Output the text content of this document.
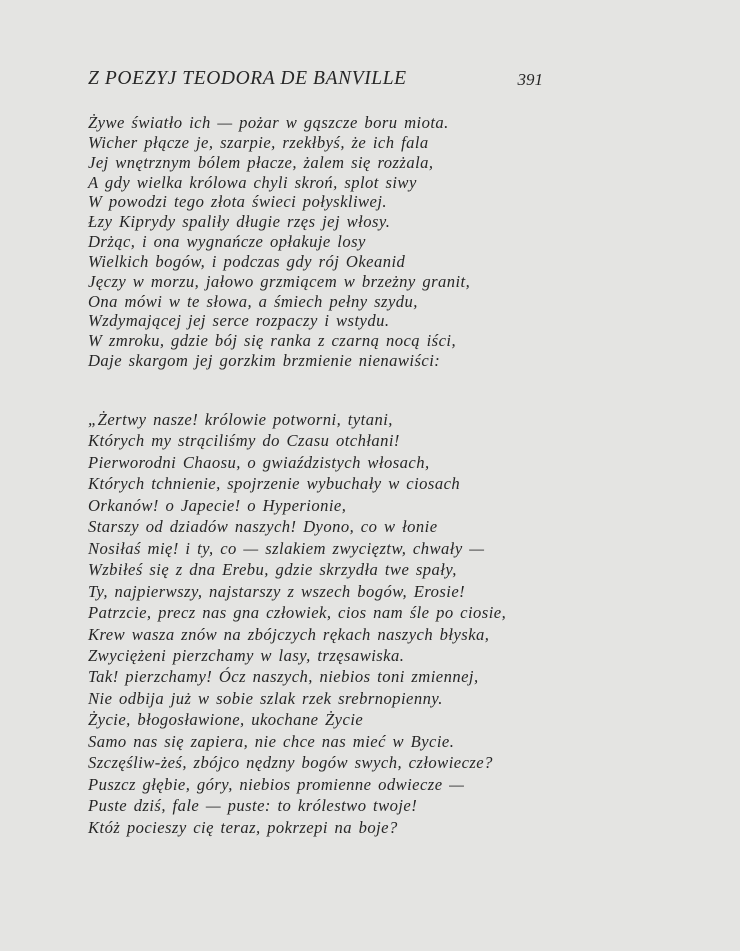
Z POEZYJ TEODORA DE BANVILLE	391
Żywe światło ich — pożar w gąszcze boru miota.
Wicher płącze je, szarpie, rzekłbyś, że ich fala
Jej wnętrznym bólem płacze, żalem się rozżala,
A gdy wielka królowa chyli skroń, splot siwy
W powodzi tego złota świeci połyskliwej.
Łzy Kiprydy spaliły długie rzęs jej włosy.
Drżąc, i ona wygnańcze opłakuje losy
Wielkich bogów, i podczas gdy rój Okeanid
Jęczy w morzu, jałowo grzmiącem w brzeżny granit,
Ona mówi w te słowa, a śmiech pełny szydu,
Wzdymającej jej serce rozpaczy i wstydu.
W zmroku, gdzie bój się ranka z czarną nocą iści,
Daje skargom jej gorzkim brzmienie nienawiści:
„Żertwy nasze! królowie potworni, tytani,
Których my strąciliśmy do Czasu otchłani!
Pierworodni Chaosu, o gwiaździstych włosach,
Których tchnienie, spojrzenie wybuchały w ciosach
Orkanów! o Japecie! o Hyperionie,
Starszy od dziadów naszych! Dyono, co w łonie
Nosiłaś mię! i ty, co — szlakiem zwycięztw, chwały —
Wzbiłeś się z dna Erebu, gdzie skrzydła twe spały,
Ty, najpierwszy, najstarszy z wszech bogów, Erosie!
Patrzcie, precz nas gna człowiek, cios nam śle po ciosie,
Krew wasza znów na zbójczych rękach naszych błyska,
Zwyciężeni pierzchamy w lasy, trzęsawiska.
Tak! pierzchamy! Ócz naszych, niebios toni zmiennej,
Nie odbija już w sobie szlak rzek srebrnopienny.
Życie, błogosławione, ukochane Życie
Samo nas się zapiera, nie chce nas mieć w Bycie.
Szczęśliw-żeś, zbójco nędzny bogów swych, człowiecze?
Puszcz głębie, góry, niebios promienne odwiecze —
Puste dziś, fale — puste: to królestwo twoje!
Któż pocieszy cię teraz, pokrzepi na boje?
